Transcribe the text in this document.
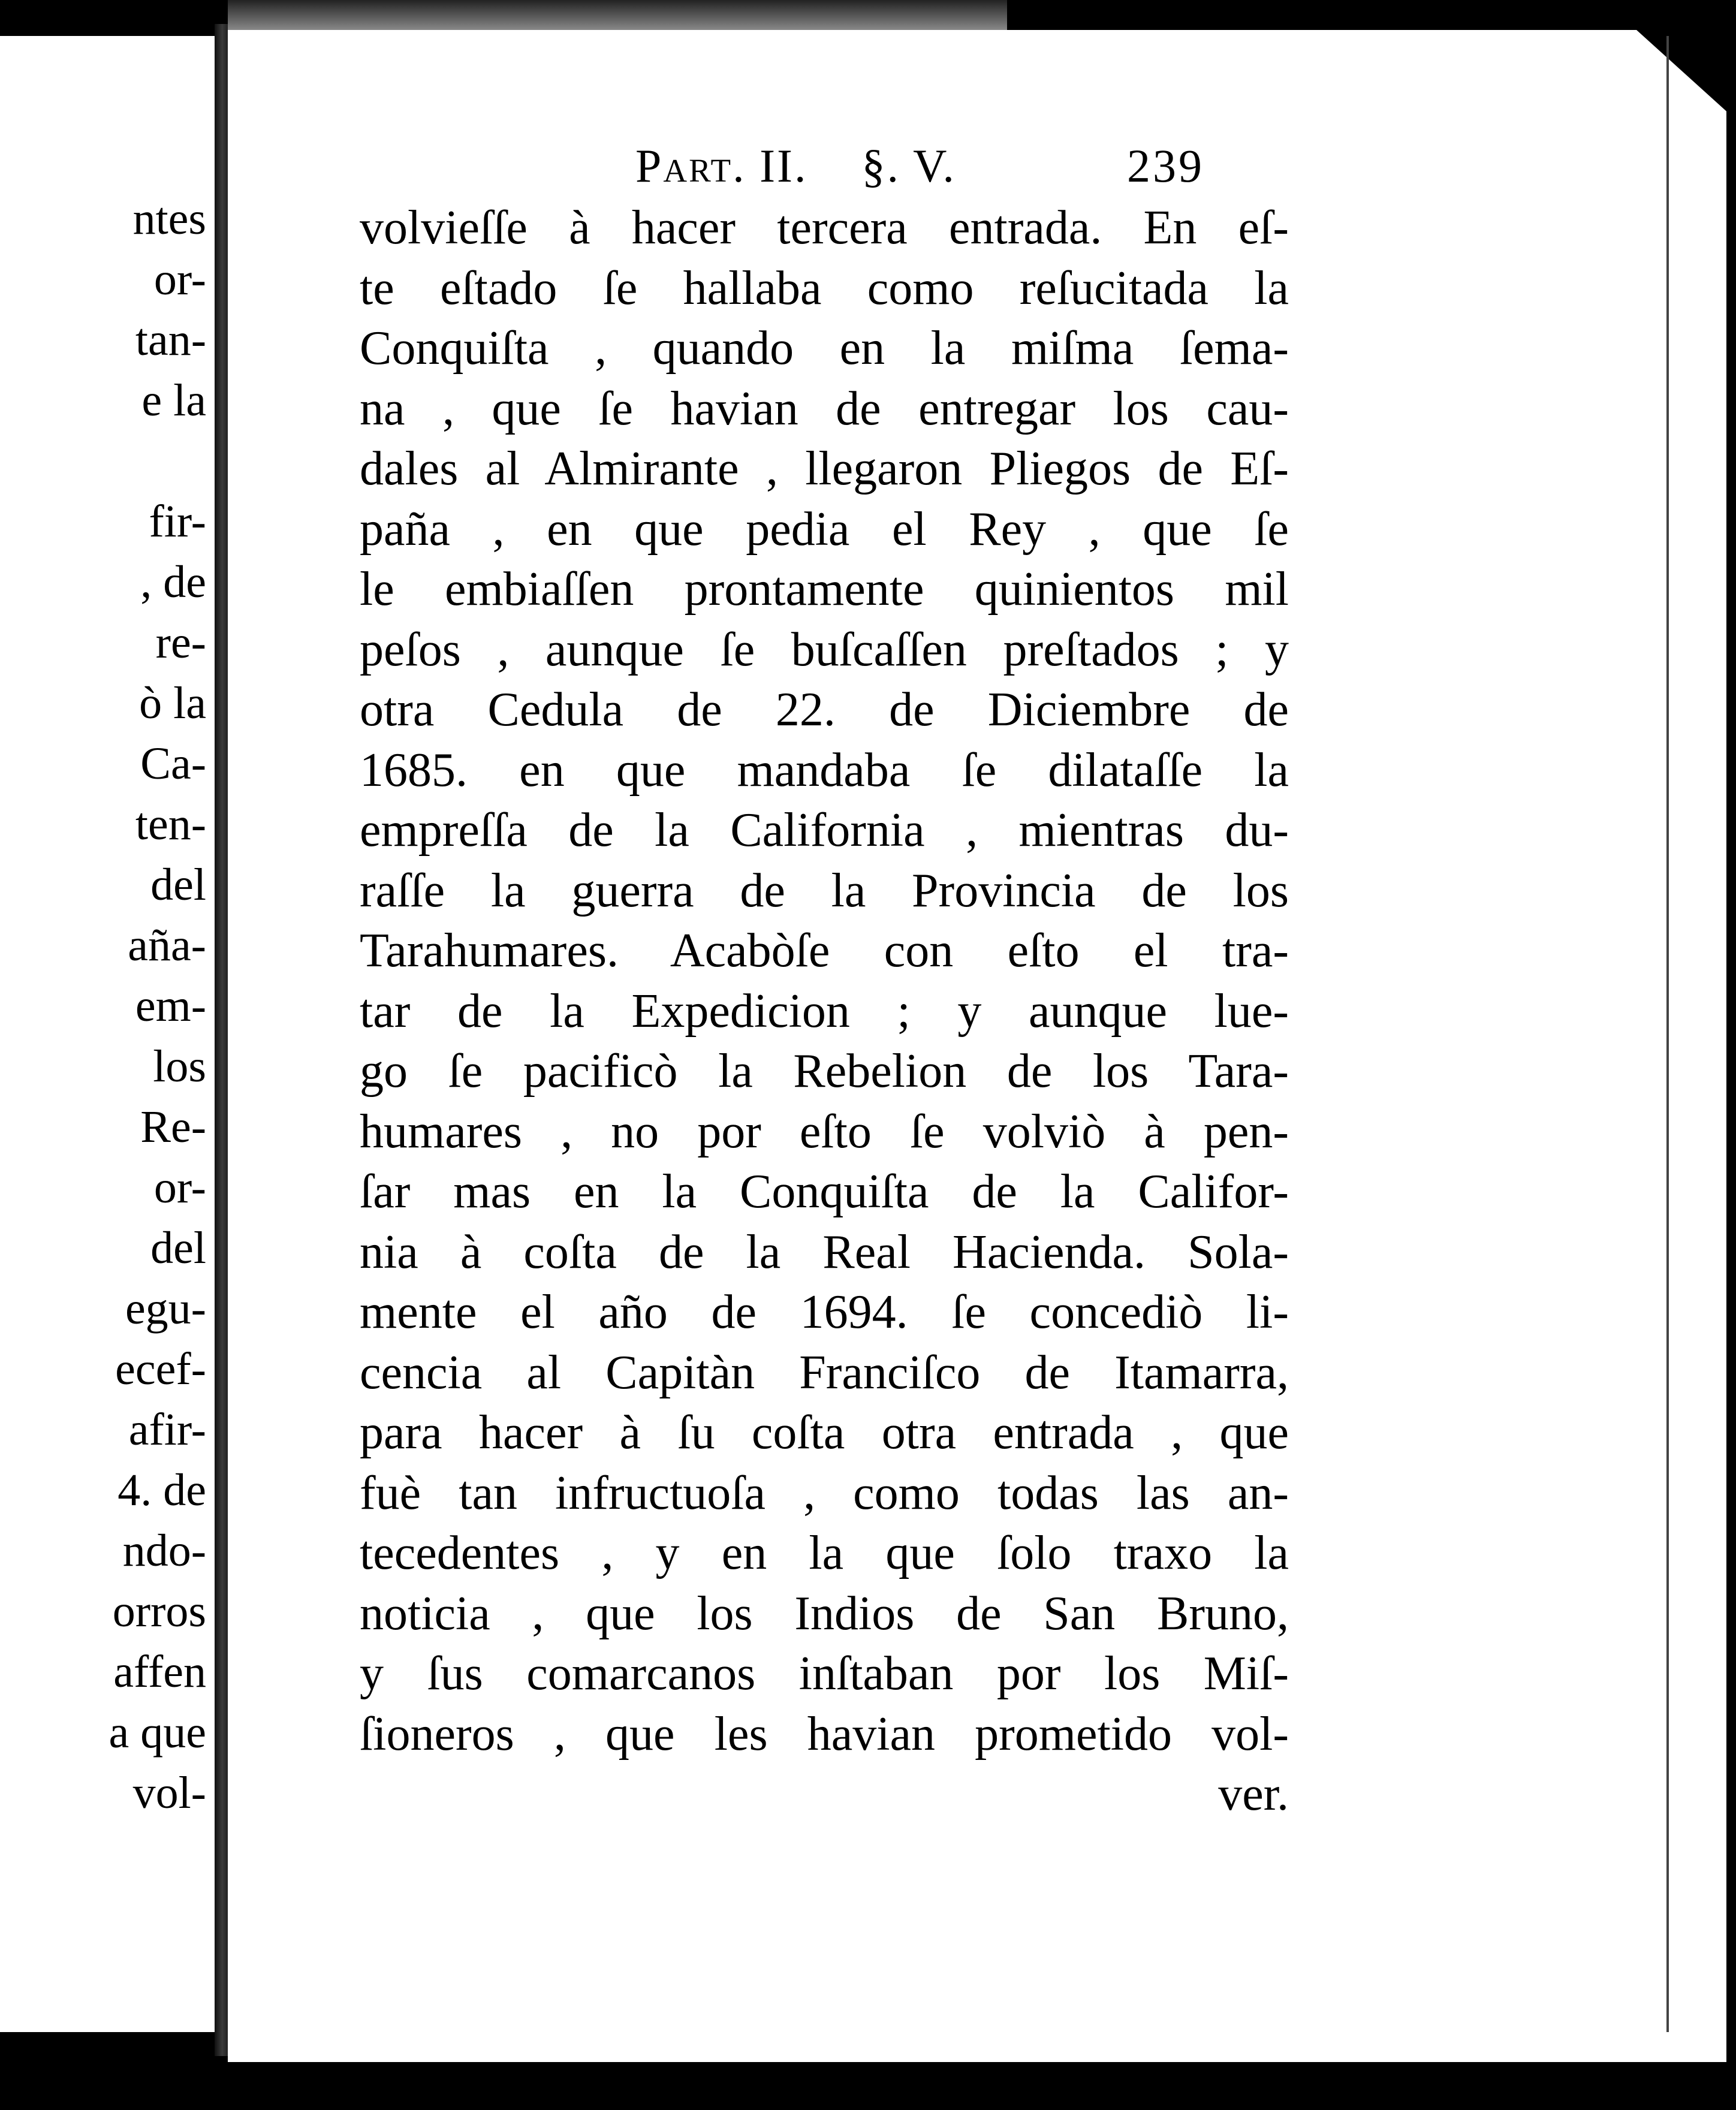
ntes
or-
tan-
e la
fir-
, de
re-
ò la
Ca-
ten-
del
aña-
em-
los
Re-
or-
del
egu-
ecef-
afir-
4. de
ndo-
orros
affen
a que
vol-
Part. II. §. V.	239
volvieſſe à hacer tercera entrada. En eſ-
te eſtado ſe hallaba como reſucitada la
Conquiſta , quando en la miſma ſema-
na , que ſe havian de entregar los cau-
dales al Almirante , llegaron Pliegos de Eſ-
paña , en que pedia el Rey , que ſe
le embiaſſen prontamente quinientos mil
peſos , aunque ſe buſcaſſen preſtados ; y
otra Cedula de 22. de Diciembre de
1685. en que mandaba ſe dilataſſe la
empreſſa de la California , mientras du-
raſſe la guerra de la Provincia de los
Tarahumares. Acabòſe con eſto el tra-
tar de la Expedicion ; y aunque lue-
go ſe pacificò la Rebelion de los Tara-
humares , no por eſto ſe volviò à pen-
ſar mas en la Conquiſta de la Califor-
nia à coſta de la Real Hacienda. Sola-
mente el año de 1694. ſe concediò li-
cencia al Capitàn Franciſco de Itamarra,
para hacer à ſu coſta otra entrada , que
fuè tan infructuoſa , como todas las an-
tecedentes , y en la que ſolo traxo la
noticia , que los Indios de San Bruno,
y ſus comarcanos inſtaban por los Miſ-
ſioneros , que les havian prometido vol-
ver.
